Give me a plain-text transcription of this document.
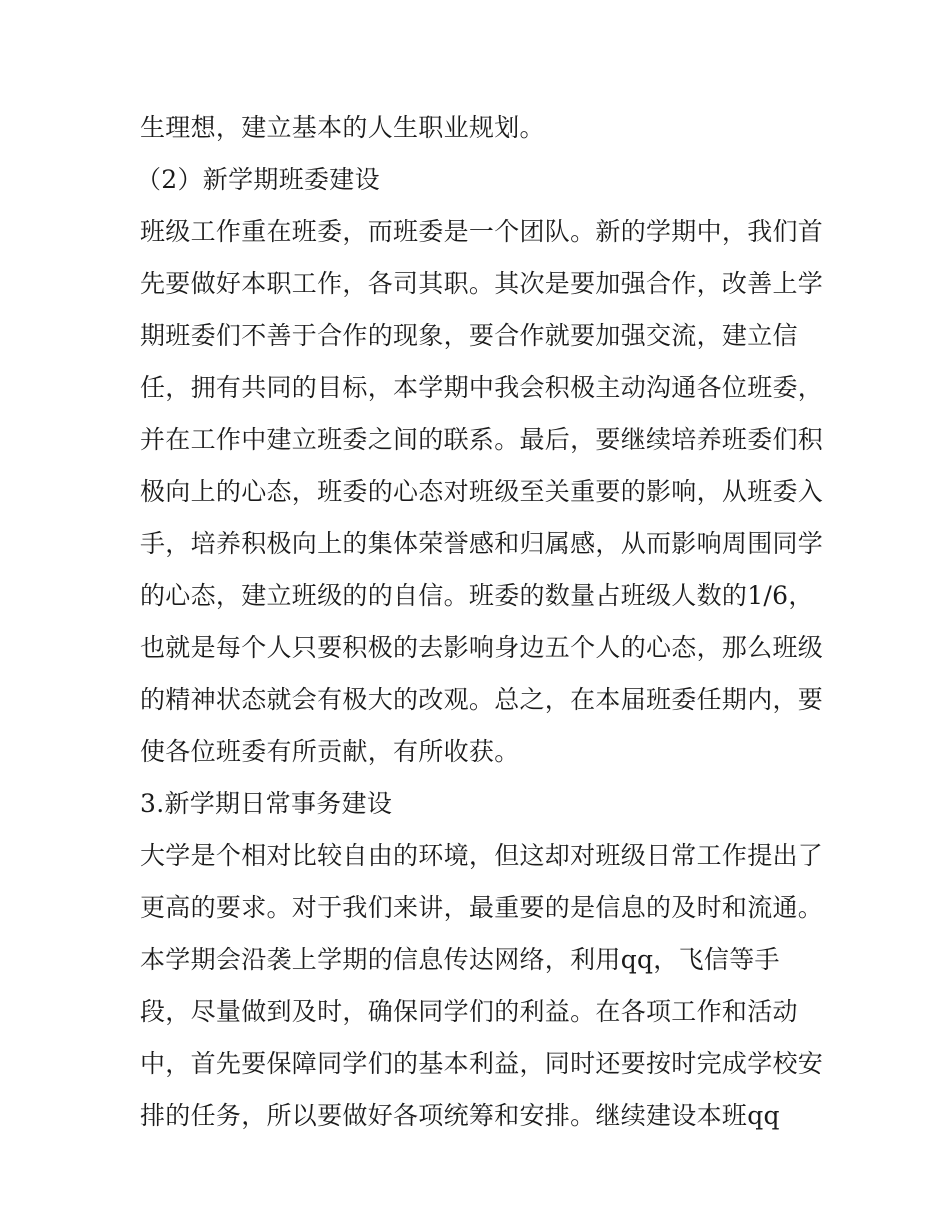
生理想，建立基本的人生职业规划。
（2）新学期班委建设
班级工作重在班委，而班委是一个团队。新的学期中，我们首
先要做好本职工作，各司其职。其次是要加强合作，改善上学
期班委们不善于合作的现象，要合作就要加强交流，建立信
任，拥有共同的目标，本学期中我会积极主动沟通各位班委，
并在工作中建立班委之间的联系。最后，要继续培养班委们积
极向上的心态，班委的心态对班级至关重要的影响，从班委入
手，培养积极向上的集体荣誉感和归属感，从而影响周围同学
的心态，建立班级的的自信。班委的数量占班级人数的1/6，
也就是每个人只要积极的去影响身边五个人的心态，那么班级
的精神状态就会有极大的改观。总之，在本届班委任期内，要
使各位班委有所贡献，有所收获。
3.新学期日常事务建设
大学是个相对比较自由的环境，但这却对班级日常工作提出了
更高的要求。对于我们来讲，最重要的是信息的及时和流通。
本学期会沿袭上学期的信息传达网络，利用qq，飞信等手
段，尽量做到及时，确保同学们的利益。在各项工作和活动
中，首先要保障同学们的基本利益，同时还要按时完成学校安
排的任务，所以要做好各项统筹和安排。继续建设本班qq
